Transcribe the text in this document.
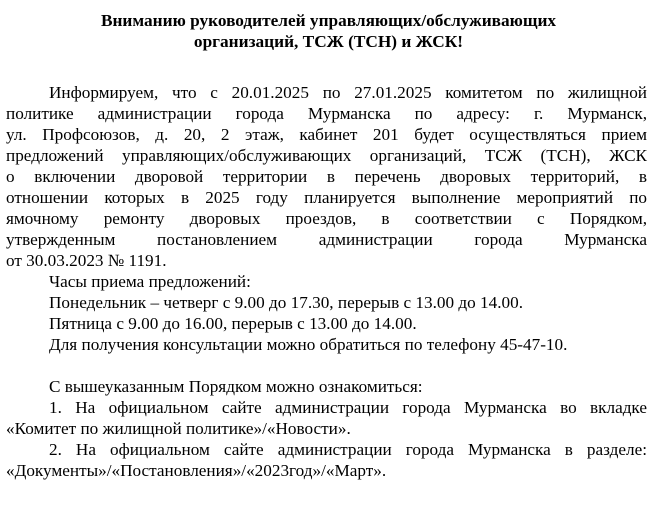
Вниманию руководителей управляющих/обслуживающих
организаций, ТСЖ (ТСН) и ЖСК!
Информируем, что с 20.01.2025 по 27.01.2025 комитетом по жилищной
политике администрации города Мурманска по адресу: г. Мурманск,
ул. Профсоюзов, д. 20, 2 этаж, кабинет 201 будет осуществляться прием
предложений управляющих/обслуживающих организаций, ТСЖ (ТСН), ЖСК
о включении дворовой территории в перечень дворовых территорий, в
отношении которых в 2025 году планируется выполнение мероприятий по
ямочному ремонту дворовых проездов, в соответствии с Порядком,
утвержденным постановлением администрации города Мурманска
от 30.03.2023 № 1191.
Часы приема предложений:
Понедельник – четверг с 9.00 до 17.30, перерыв с 13.00 до 14.00.
Пятница с 9.00 до 16.00, перерыв с 13.00 до 14.00.
Для получения консультации можно обратиться по телефону 45-47-10.
С вышеуказанным Порядком можно ознакомиться:
1. На официальном сайте администрации города Мурманска во вкладке
«Комитет по жилищной политике»/«Новости».
2. На официальном сайте администрации города Мурманска в разделе:
«Документы»/«Постановления»/«2023год»/«Март».
